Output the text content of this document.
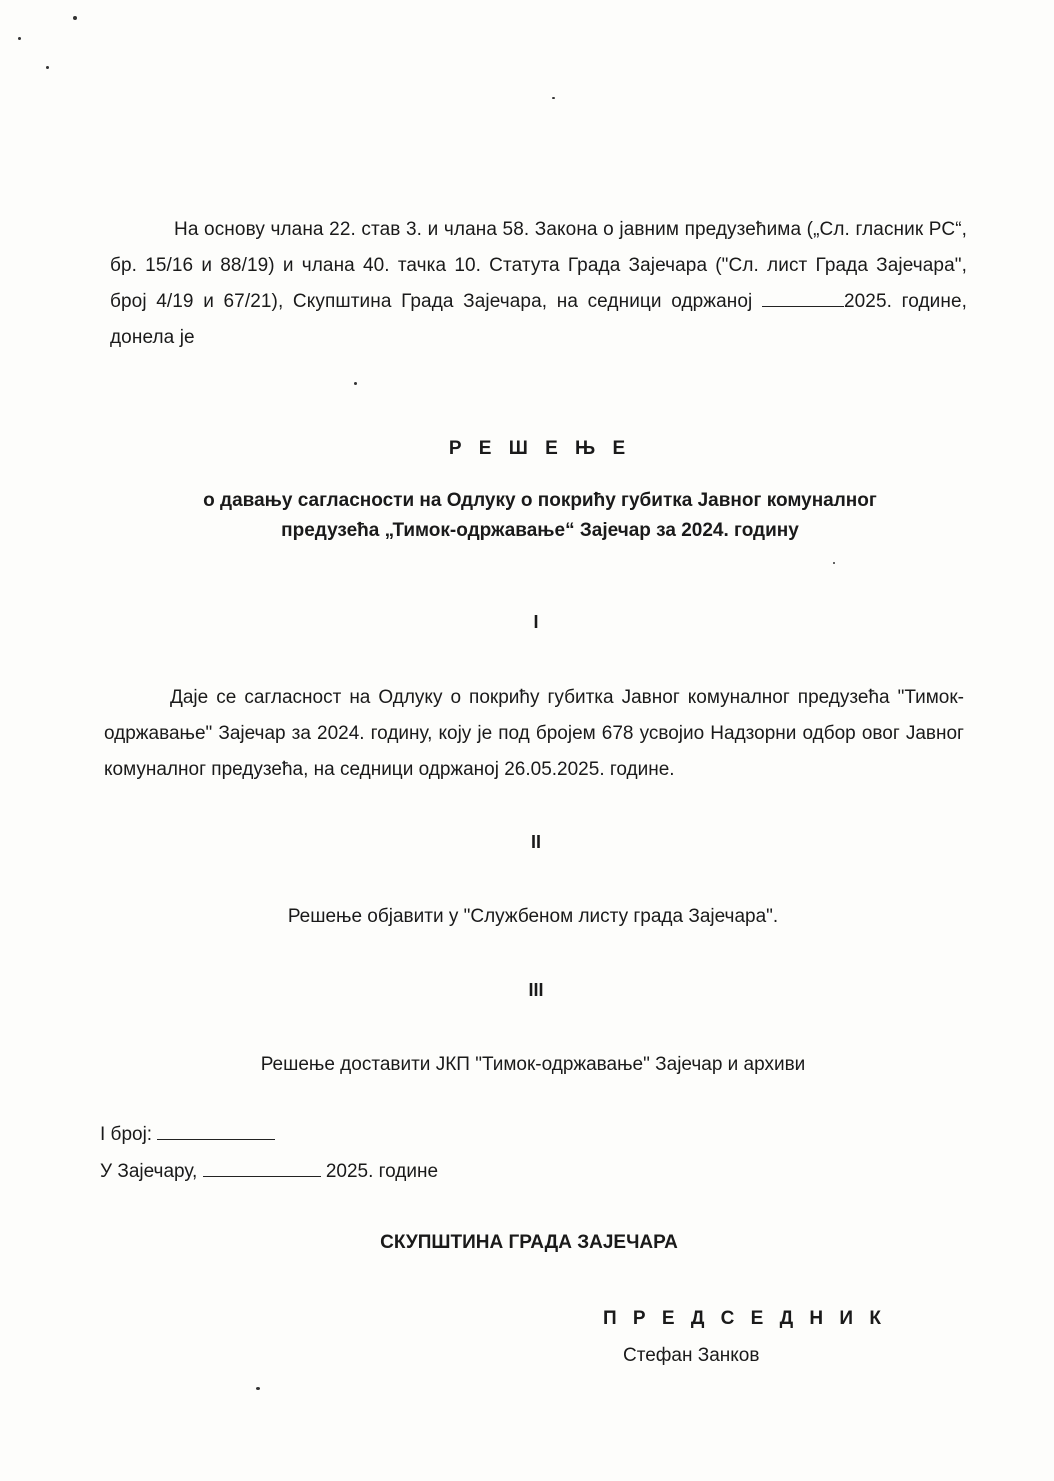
На основу члана 22. став 3. и члана 58. Закона о јавним предузећима („Сл. гласник РС“, бр. 15/16 и 88/19) и члана 40. тачка 10. Статута Града Зајечара ("Сл. лист Града Зајечара", број 4/19 и 67/21), Скупштина Града Зајечара, на седници одржаној	2025. године, донела је
Р Е Ш Е Њ Е
о давању сагласности на Одлуку о покрићу губитка Јавног комуналног
предузећа „Тимок-одржавање“ Зајечар за 2024. годину
I
Даје се сагласност на Одлуку о покрићу губитка Јавног комуналног предузећа "Тимок-одржавање" Зајечар за 2024. годину, коју је под бројем 678 усвојио Надзорни одбор овог Јавног комуналног предузећа, на седници одржаној 26.05.2025. године.
II
Решење објавити у "Службеном листу града Зајечара".
III
Решење доставити ЈКП "Тимок-одржавање" Зајечар и архиви
I број:
У Зајечару,	2025. године
СКУПШТИНА ГРАДА ЗАЈЕЧАРА
П Р Е Д С Е Д Н И К
Стефан Занков
